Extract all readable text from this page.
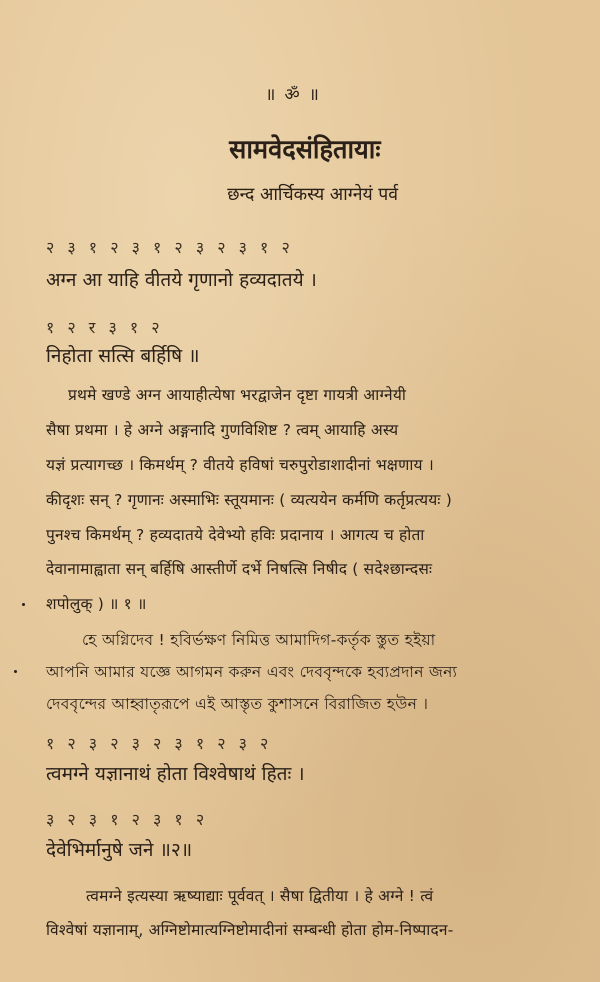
॥ ॐ ॥
सामवेदसंहितायाः
छन्द आर्चिकस्य आग्नेयं पर्व
२ ३ १ २ ३ १ २ ३ २ ३ १ २
अग्न आ याहि वीतये गृणानो हव्यदातये ।
१ २ र ३ १ २
निहोता सत्सि बर्हिषि ॥
प्रथमे खण्डे अग्न आयाहीत्येषा भरद्वाजेन दृष्टा गायत्री आग्नेयी
सैषा प्रथमा । हे अग्ने अङ्गनादि गुणविशिष्ट ? त्वम् आयाहि अस्य
यज्ञं प्रत्यागच्छ । किमर्थम् ? वीतये हविषां चरुपुरोडाशादीनां भक्षणाय ।
कीदृशः सन् ? गृणानः अस्माभिः स्तूयमानः ( व्यत्ययेन कर्मणि कर्तृप्रत्ययः )
पुनश्च किमर्थम् ? हव्यदातये देवेभ्यो हविः प्रदानाय । आगत्य च होता
देवानामाह्वाता सन् बर्हिषि आस्तीर्णे दर्भे निषत्सि निषीद ( सदेश्छान्दसः
शपोलुक् ) ॥ १ ॥
হে অগ্নিদেব ! হবির্ভক্ষণ নিমিত্ত আমাদিগ-কর্তৃক স্তুত হইয়া
আপনি আমার যজ্ঞে আগমন করুন এবং দেববৃন্দকে হব্যপ্রদান জন্য
দেববৃন্দের আহ্বাতৃরূপে এই আস্তৃত কুশাসনে বিরাজিত হউন ।
१ २ ३ २ ३ २ ३ १ २ ३ २
त्वमग्ने यज्ञानाथं होता विश्वेषाथं हितः ।
३ २ ३ १ २ ३ १ २
देवेभिर्मानुषे जने ॥२॥
त्वमग्ने इत्यस्या ऋष्याद्याः पूर्ववत् । सैषा द्वितीया । हे अग्ने ! त्वं
विश्वेषां यज्ञानाम्, अग्निष्टोमात्यग्निष्टोमादीनां सम्बन्धी होता होम-निष्पादन-
